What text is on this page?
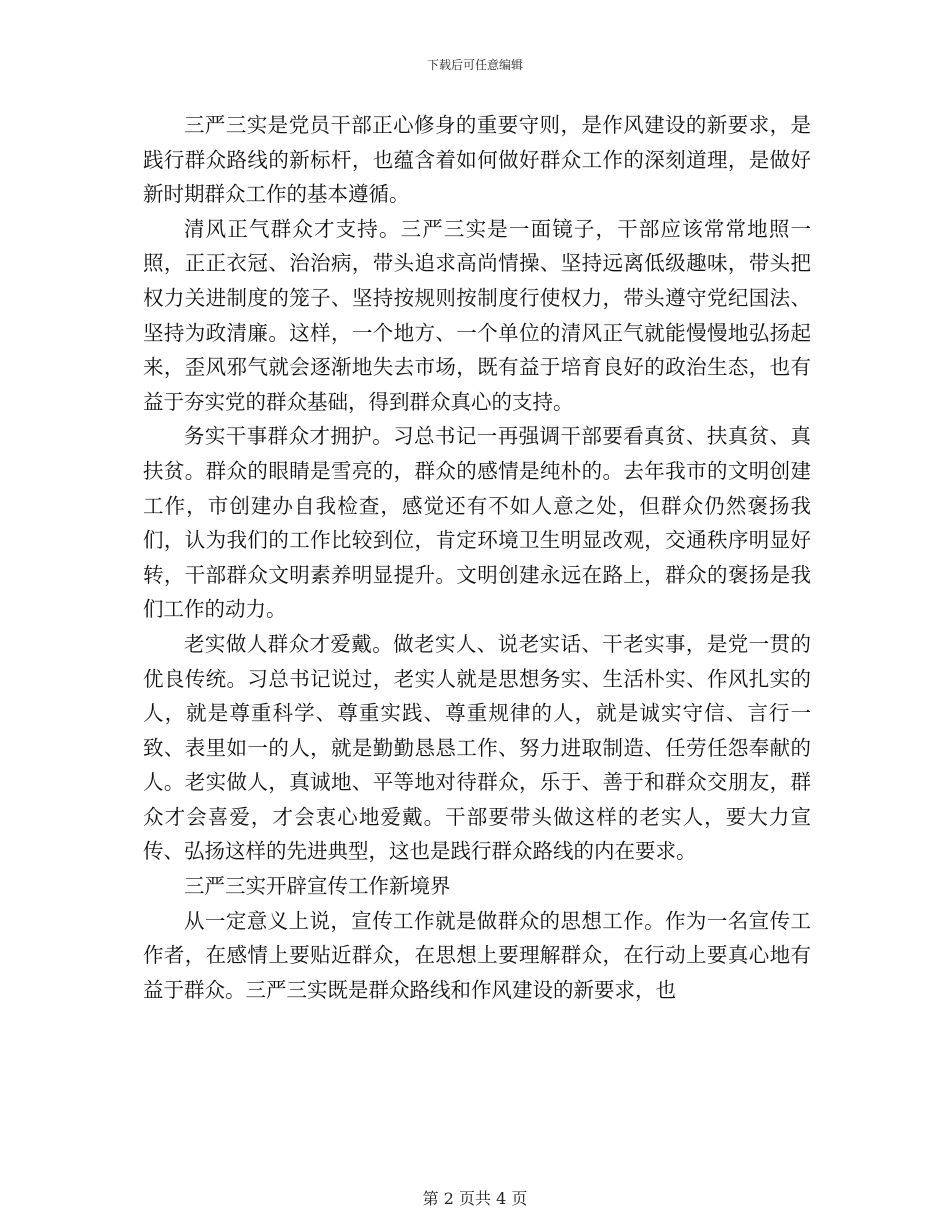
下载后可任意编辑

三严三实是党员干部正心修身的重要守则，是作风建设的新要求，是践行群众路线的新标杆，也蕴含着如何做好群众工作的深刻道理，是做好新时期群众工作的基本遵循。

清风正气群众才支持。三严三实是一面镜子，干部应该常常地照一照，正正衣冠、治治病，带头追求高尚情操、坚持远离低级趣味，带头把权力关进制度的笼子、坚持按规则按制度行使权力，带头遵守党纪国法、坚持为政清廉。这样，一个地方、一个单位的清风正气就能慢慢地弘扬起来，歪风邪气就会逐渐地失去市场，既有益于培育良好的政治生态，也有益于夯实党的群众基础，得到群众真心的支持。

务实干事群众才拥护。习总书记一再强调干部要看真贫、扶真贫、真扶贫。群众的眼睛是雪亮的，群众的感情是纯朴的。去年我市的文明创建工作，市创建办自我检查，感觉还有不如人意之处，但群众仍然褒扬我们，认为我们的工作比较到位，肯定环境卫生明显改观，交通秩序明显好转，干部群众文明素养明显提升。文明创建永远在路上，群众的褒扬是我们工作的动力。

老实做人群众才爱戴。做老实人、说老实话、干老实事，是党一贯的优良传统。习总书记说过，老实人就是思想务实、生活朴实、作风扎实的人，就是尊重科学、尊重实践、尊重规律的人，就是诚实守信、言行一致、表里如一的人，就是勤勤恳恳工作、努力进取制造、任劳任怨奉献的人。老实做人，真诚地、平等地对待群众，乐于、善于和群众交朋友，群众才会喜爱，才会衷心地爱戴。干部要带头做这样的老实人，要大力宣传、弘扬这样的先进典型，这也是践行群众路线的内在要求。

三严三实开辟宣传工作新境界

从一定意义上说，宣传工作就是做群众的思想工作。作为一名宣传工作者，在感情上要贴近群众，在思想上要理解群众，在行动上要真心地有益于群众。三严三实既是群众路线和作风建设的新要求，也

第 2 页共 4 页
